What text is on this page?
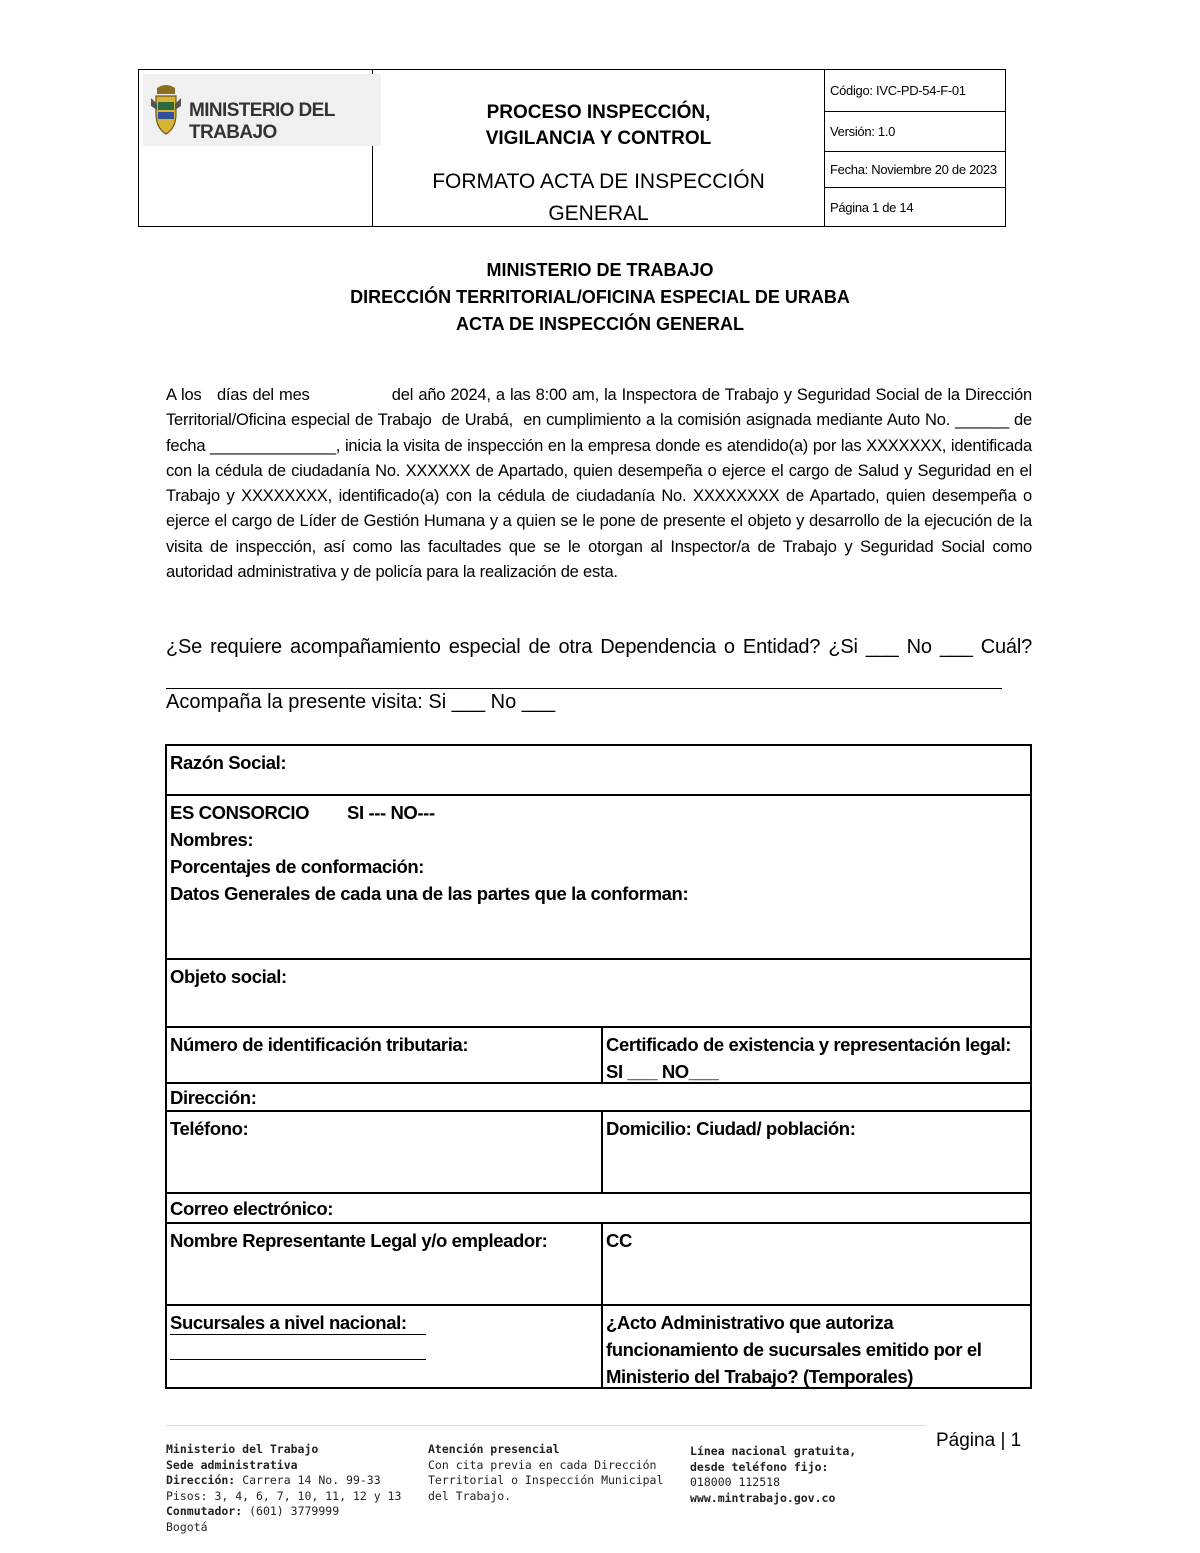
MINISTERIO DEL TRABAJO
PROCESO INSPECCIÓN, VIGILANCIA Y CONTROL
FORMATO ACTA DE INSPECCIÓN GENERAL
Código: IVC-PD-54-F-01
Versión: 1.0
Fecha: Noviembre 20 de 2023
Página 1 de 14
MINISTERIO DE TRABAJO
DIRECCIÓN TERRITORIAL/OFICINA ESPECIAL DE URABA
ACTA DE INSPECCIÓN GENERAL
A los   días del mes                del año 2024, a las 8:00 am, la Inspectora de Trabajo y Seguridad Social de la Dirección Territorial/Oficina especial de Trabajo  de Urabá,  en cumplimiento a la comisión asignada mediante Auto No. ______ de fecha ______________, inicia la visita de inspección en la empresa donde es atendido(a) por las XXXXXXX, identificada con la cédula de ciudadanía No. XXXXXX de Apartado, quien desempeña o ejerce el cargo de Salud y Seguridad en el Trabajo y XXXXXXXX, identificado(a) con la cédula de ciudadanía No. XXXXXXXX de Apartado, quien desempeña o ejerce el cargo de Líder de Gestión Humana y a quien se le pone de presente el objeto y desarrollo de la ejecución de la visita de inspección, así como las facultades que se le otorgan al Inspector/a de Trabajo y Seguridad Social como autoridad administrativa y de policía para la realización de esta.
¿Se requiere acompañamiento especial de otra Dependencia o Entidad? ¿Si ___ No ___ Cuál?
Acompaña la presente visita: Si ___ No ___
Razón Social:
ES CONSORCIO        SI --- NO---
Nombres:
Porcentajes de conformación:
Datos Generales de cada una de las partes que la conforman:
Objeto social:
Número de identificación tributaria:	Certificado de existencia y representación legal:   SI ___ NO___
Dirección:
Teléfono:	Domicilio: Ciudad/ población:
Correo electrónico:
Nombre Representante Legal y/o empleador:	CC
Sucursales a nivel nacional:	¿Acto Administrativo que autoriza funcionamiento de sucursales emitido por el Ministerio del Trabajo? (Temporales)
Ministerio del Trabajo
Sede administrativa
Dirección: Carrera 14 No. 99-33
Pisos: 3, 4, 6, 7, 10, 11, 12 y 13
Conmutador: (601) 3779999
Bogotá
Atención presencial
Con cita previa en cada Dirección
Territorial o Inspección Municipal
del Trabajo.
Línea nacional gratuita,
desde teléfono fijo:
018000 112518
www.mintrabajo.gov.co
Página | 1
